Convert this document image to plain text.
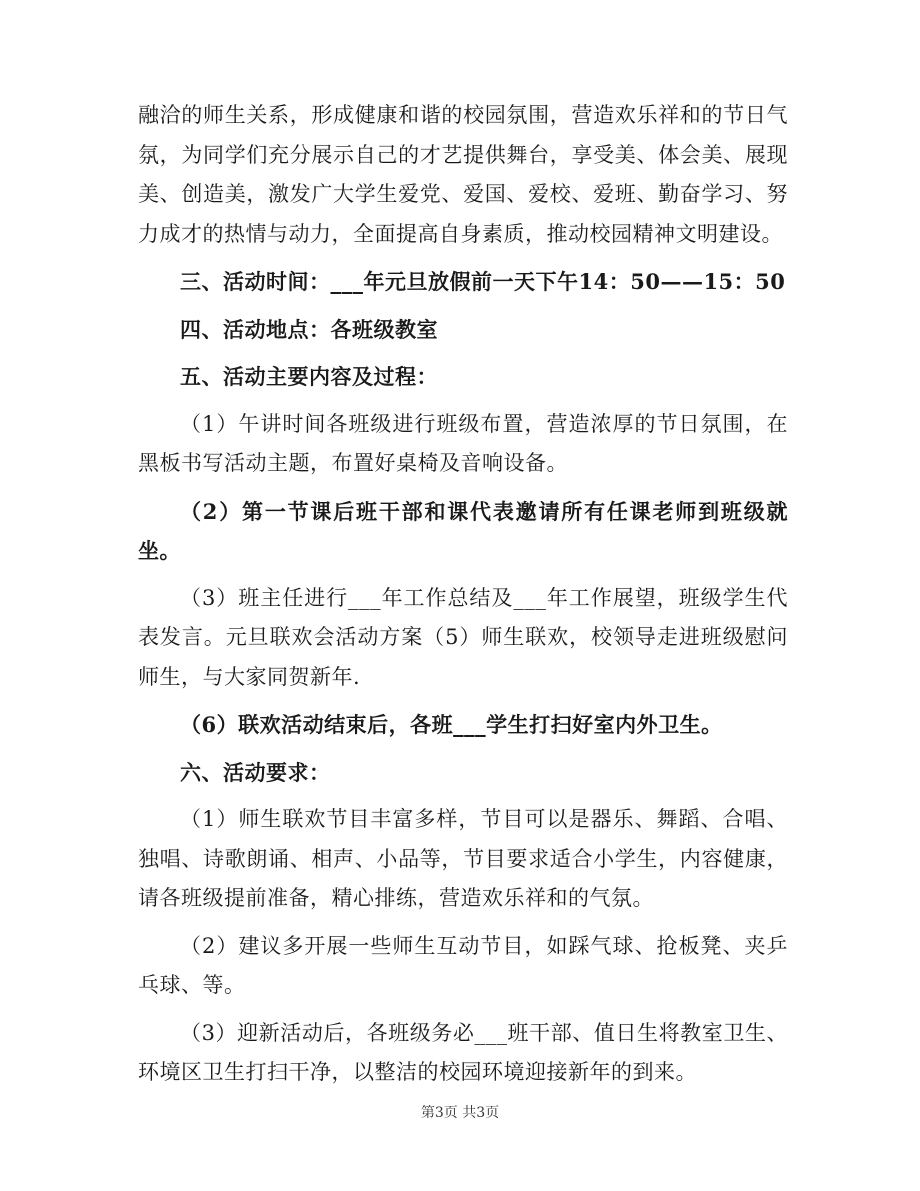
融洽的师生关系，形成健康和谐的校园氛围，营造欢乐祥和的节日气氛，为同学们充分展示自己的才艺提供舞台，享受美、体会美、展现美、创造美，激发广大学生爱党、爱国、爱校、爱班、勤奋学习、努力成才的热情与动力，全面提高自身素质，推动校园精神文明建设。

三、活动时间：___年元旦放假前一天下午14：50——15：50

四、活动地点：各班级教室

五、活动主要内容及过程：

（1）午讲时间各班级进行班级布置，营造浓厚的节日氛围，在黑板书写活动主题，布置好桌椅及音响设备。

（2）第一节课后班干部和课代表邀请所有任课老师到班级就坐。

（3）班主任进行___年工作总结及___年工作展望，班级学生代表发言。元旦联欢会活动方案（5）师生联欢，校领导走进班级慰问师生，与大家同贺新年.

（6）联欢活动结束后，各班___学生打扫好室内外卫生。

六、活动要求：

（1）师生联欢节目丰富多样，节目可以是器乐、舞蹈、合唱、独唱、诗歌朗诵、相声、小品等，节目要求适合小学生，内容健康，请各班级提前准备，精心排练，营造欢乐祥和的气氛。

（2）建议多开展一些师生互动节目，如踩气球、抢板凳、夹乒乓球、等。

（3）迎新活动后，各班级务必___班干部、值日生将教室卫生、环境区卫生打扫干净，以整洁的校园环境迎接新年的到来。

第3页 共3页
